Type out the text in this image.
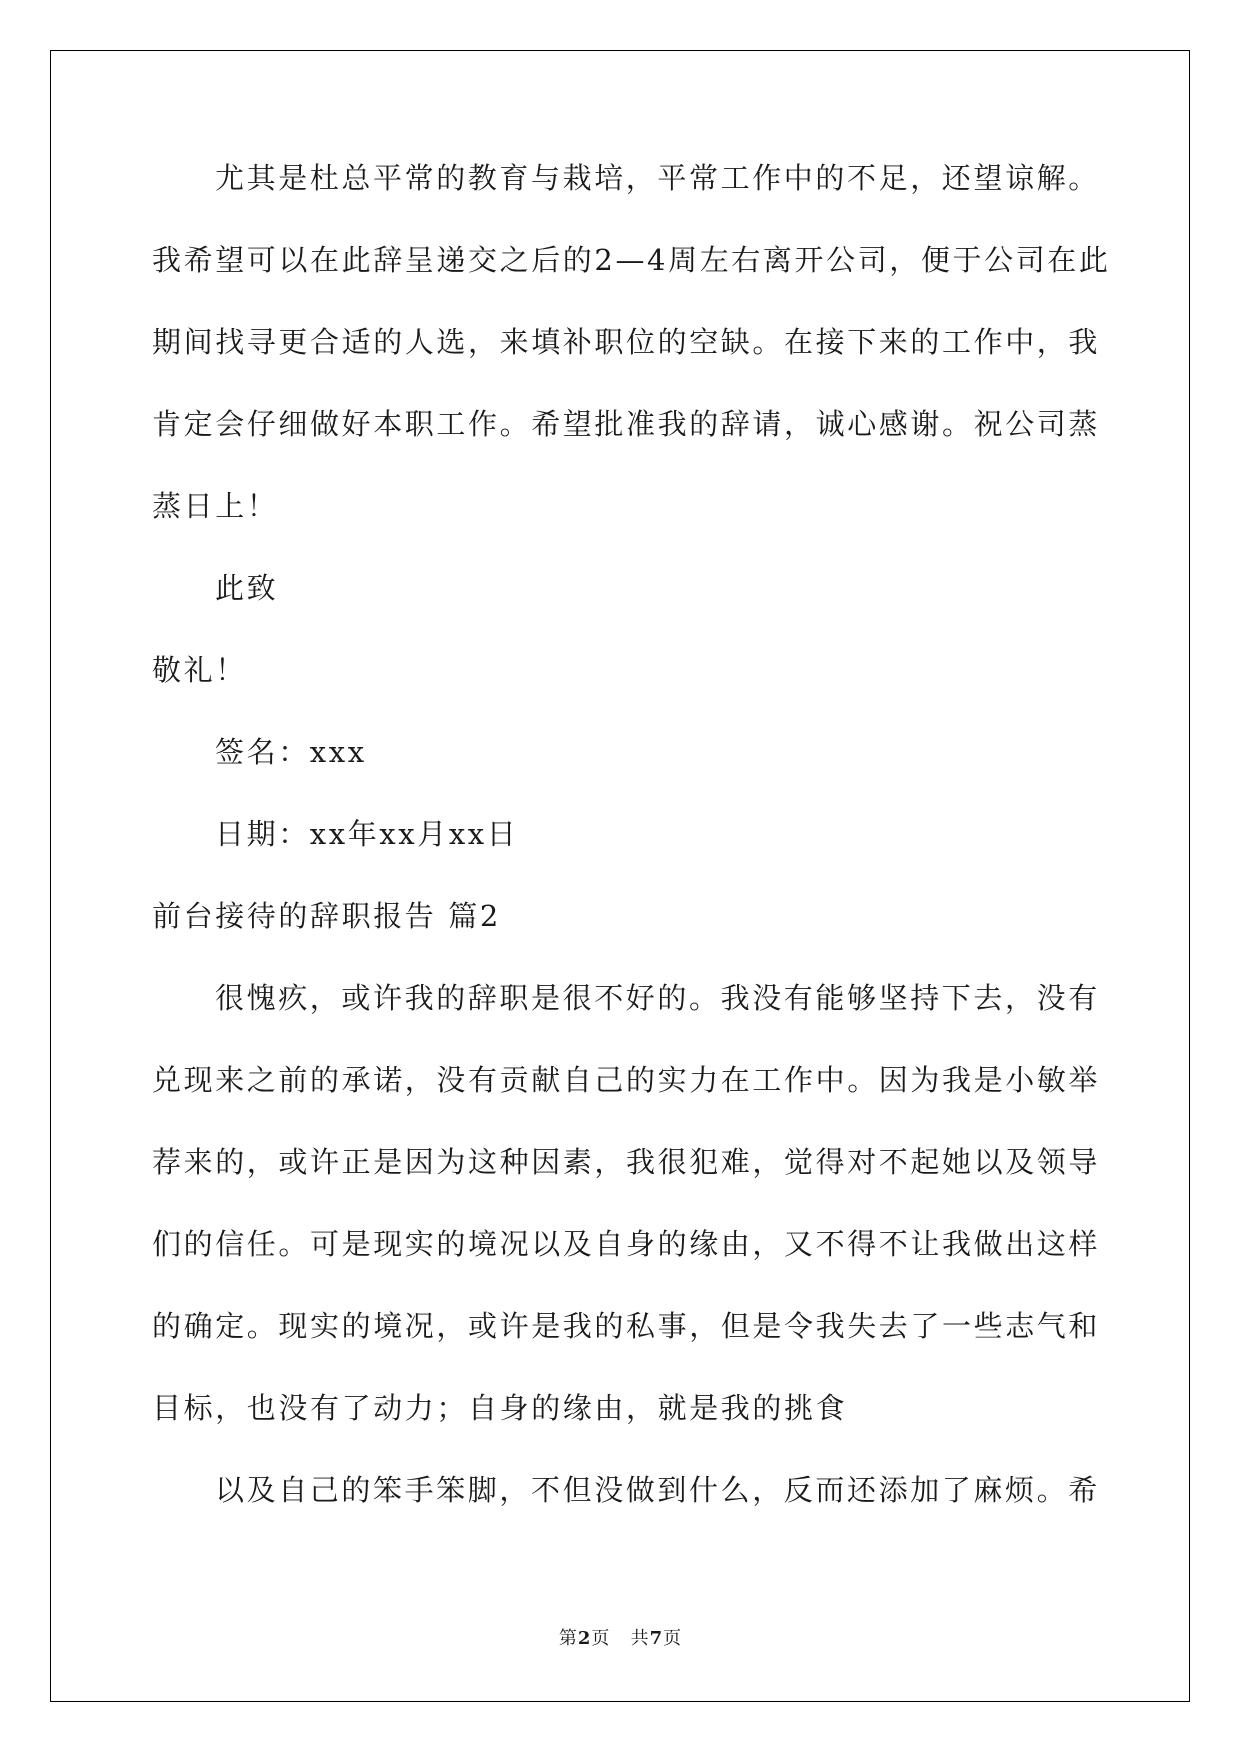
尤其是杜总平常的教育与栽培，平常工作中的不足，还望谅解。
我希望可以在此辞呈递交之后的2—4周左右离开公司，便于公司在此
期间找寻更合适的人选，来填补职位的空缺。在接下来的工作中，我
肯定会仔细做好本职工作。希望批准我的辞请，诚心感谢。祝公司蒸
蒸日上！
此致
敬礼！
签名：xxx
日期：xx年xx月xx日
前台接待的辞职报告 篇2
很愧疚，或许我的辞职是很不好的。我没有能够坚持下去，没有
兑现来之前的承诺，没有贡献自己的实力在工作中。因为我是小敏举
荐来的，或许正是因为这种因素，我很犯难，觉得对不起她以及领导
们的信任。可是现实的境况以及自身的缘由，又不得不让我做出这样
的确定。现实的境况，或许是我的私事，但是令我失去了一些志气和
目标，也没有了动力；自身的缘由，就是我的挑食
以及自己的笨手笨脚，不但没做到什么，反而还添加了麻烦。希
第2页 共7页
